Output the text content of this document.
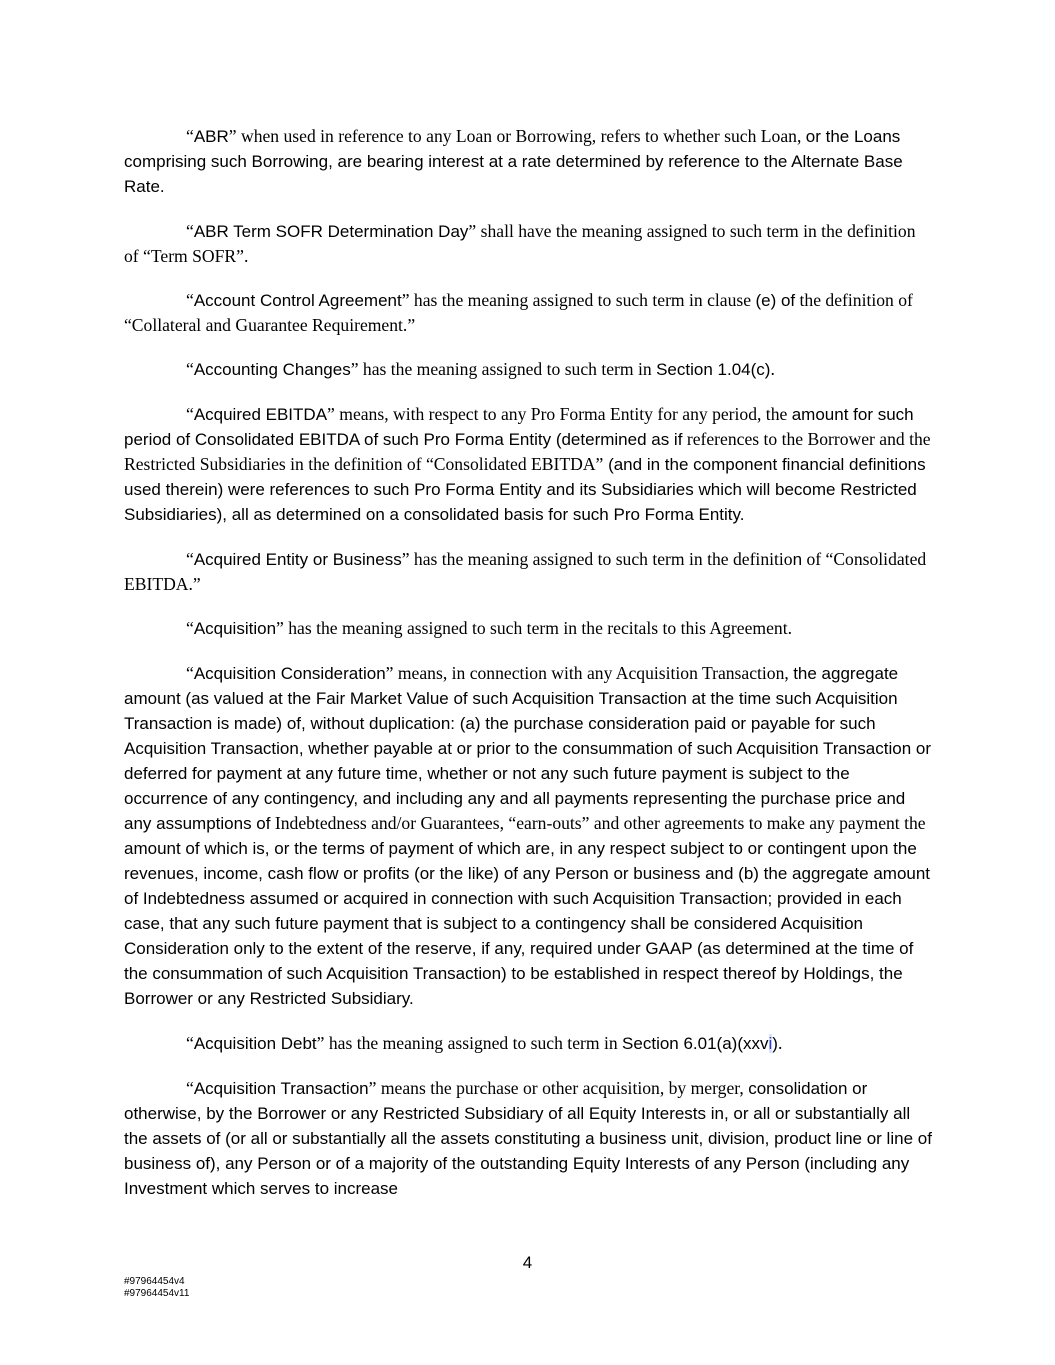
“ABR” when used in reference to any Loan or Borrowing, refers to whether such Loan, or the Loans comprising such Borrowing, are bearing interest at a rate determined by reference to the Alternate Base Rate.

“ABR Term SOFR Determination Day” shall have the meaning assigned to such term in the definition of “Term SOFR”.

“Account Control Agreement” has the meaning assigned to such term in clause (e) of the definition of “Collateral and Guarantee Requirement.”

“Accounting Changes” has the meaning assigned to such term in Section 1.04(c).

“Acquired EBITDA” means, with respect to any Pro Forma Entity for any period, the amount for such period of Consolidated EBITDA of such Pro Forma Entity (determined as if references to the Borrower and the Restricted Subsidiaries in the definition of “Consolidated EBITDA” (and in the component financial definitions used therein) were references to such Pro Forma Entity and its Subsidiaries which will become Restricted Subsidiaries), all as determined on a consolidated basis for such Pro Forma Entity.

“Acquired Entity or Business” has the meaning assigned to such term in the definition of “Consolidated EBITDA.”

“Acquisition” has the meaning assigned to such term in the recitals to this Agreement.

“Acquisition Consideration” means, in connection with any Acquisition Transaction, the aggregate amount (as valued at the Fair Market Value of such Acquisition Transaction at the time such Acquisition Transaction is made) of, without duplication: (a) the purchase consideration paid or payable for such Acquisition Transaction, whether payable at or prior to the consummation of such Acquisition Transaction or deferred for payment at any future time, whether or not any such future payment is subject to the occurrence of any contingency, and including any and all payments representing the purchase price and any assumptions of Indebtedness and/or Guarantees, “earn-outs” and other agreements to make any payment the amount of which is, or the terms of payment of which are, in any respect subject to or contingent upon the revenues, income, cash flow or profits (or the like) of any Person or business and (b) the aggregate amount of Indebtedness assumed or acquired in connection with such Acquisition Transaction; provided in each case, that any such future payment that is subject to a contingency shall be considered Acquisition Consideration only to the extent of the reserve, if any, required under GAAP (as determined at the time of the consummation of such Acquisition Transaction) to be established in respect thereof by Holdings, the Borrower or any Restricted Subsidiary.

“Acquisition Debt” has the meaning assigned to such term in Section 6.01(a)(xxvi).

“Acquisition Transaction” means the purchase or other acquisition, by merger, consolidation or otherwise, by the Borrower or any Restricted Subsidiary of all Equity Interests in, or all or substantially all the assets of (or all or substantially all the assets constituting a business unit, division, product line or line of business of), any Person or of a majority of the outstanding Equity Interests of any Person (including any Investment which serves to increase

4
#97964454v4
#97964454v11
